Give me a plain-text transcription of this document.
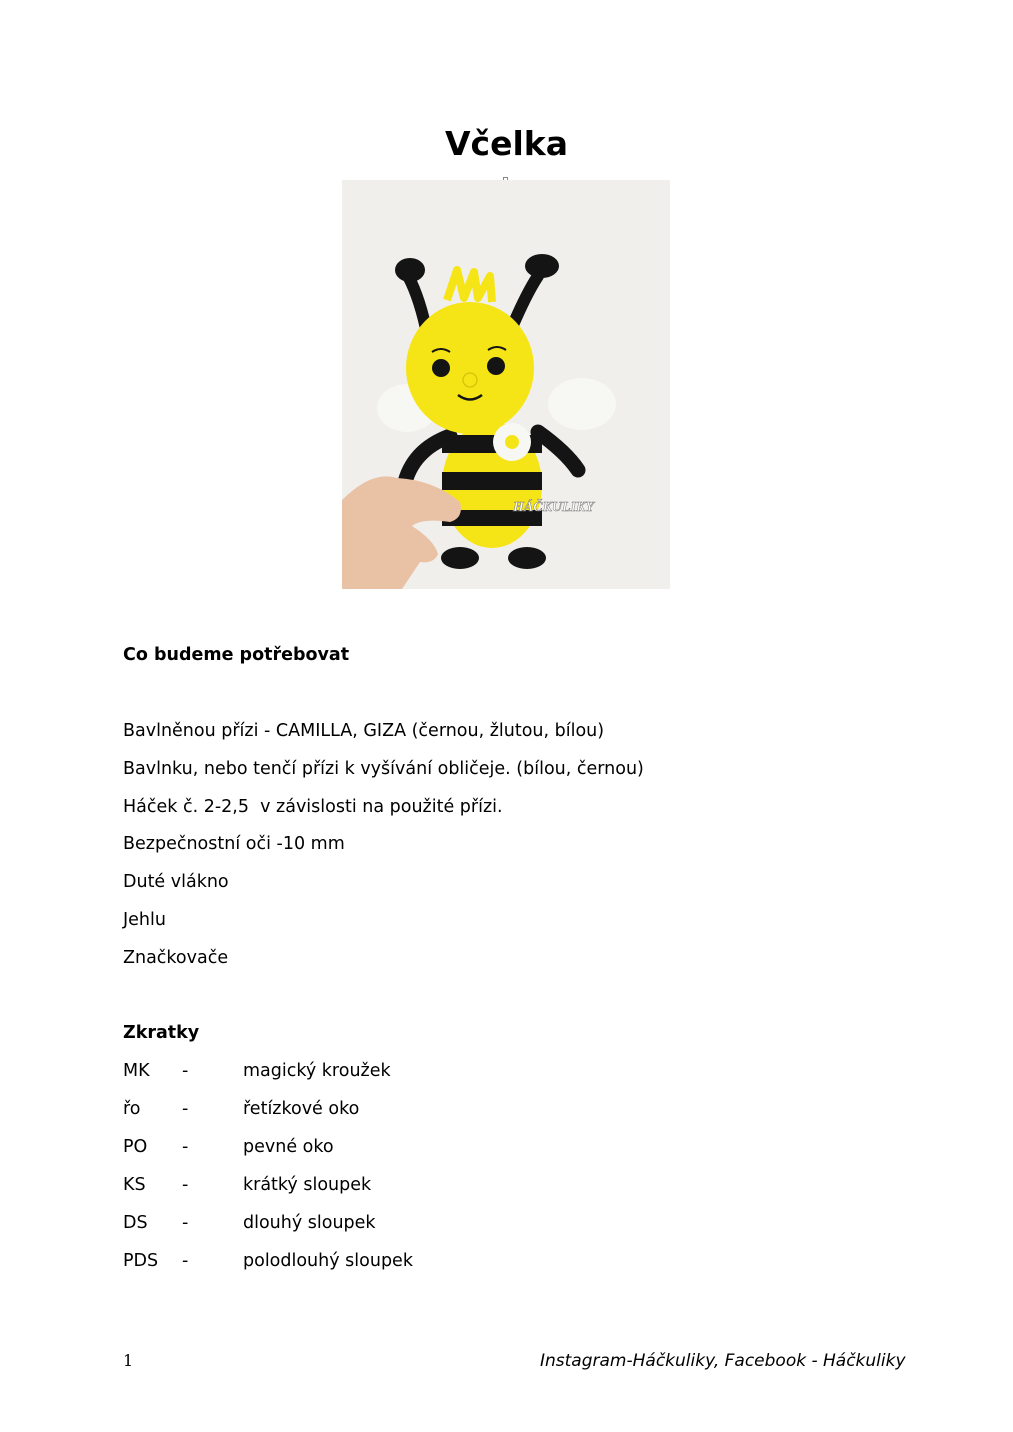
Včelka
HÁČKULIKY
Co budeme potřebovat
Bavlněnou přízi - CAMILLA, GIZA (černou, žlutou, bílou)
Bavlnku, nebo tenčí přízi k vyšívání obličeje. (bílou, černou)
Háček č. 2-2,5  v závislosti na použité přízi.
Bezpečnostní oči -10 mm
Duté vlákno
Jehlu
Značkovače
Zkratky
MK -	magický kroužek
řo -	řetízkové oko
PO -	pevné oko
KS -	krátký sloupek
DS -	dlouhý sloupek
PDS -	polodlouhý sloupek
1	Instagram-Háčkuliky, Facebook - Háčkuliky
